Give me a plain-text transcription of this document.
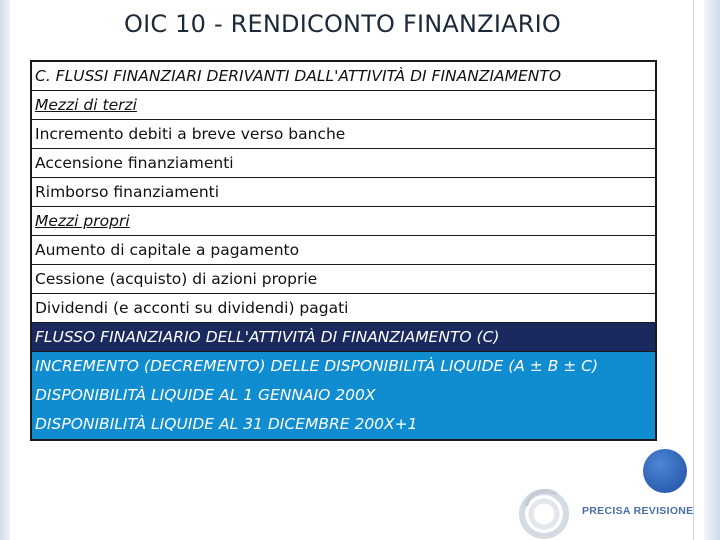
OIC 10 - RENDICONTO FINANZIARIO
C. FLUSSI FINANZIARI DERIVANTI DALL'ATTIVITÀ DI FINANZIAMENTO
Mezzi di terzi
Incremento debiti a breve verso banche
Accensione finanziamenti
Rimborso finanziamenti
Mezzi propri
Aumento di capitale a pagamento
Cessione (acquisto) di azioni proprie
Dividendi (e acconti su dividendi) pagati
FLUSSO FINANZIARIO DELL'ATTIVITÀ DI FINANZIAMENTO (C)
INCREMENTO (DECREMENTO) DELLE DISPONIBILITÀ LIQUIDE (A ± B ± C)
DISPONIBILITÀ LIQUIDE AL 1 GENNAIO 200X
DISPONIBILITÀ LIQUIDE AL 31 DICEMBRE 200X+1
PRECISA REVISIONE
